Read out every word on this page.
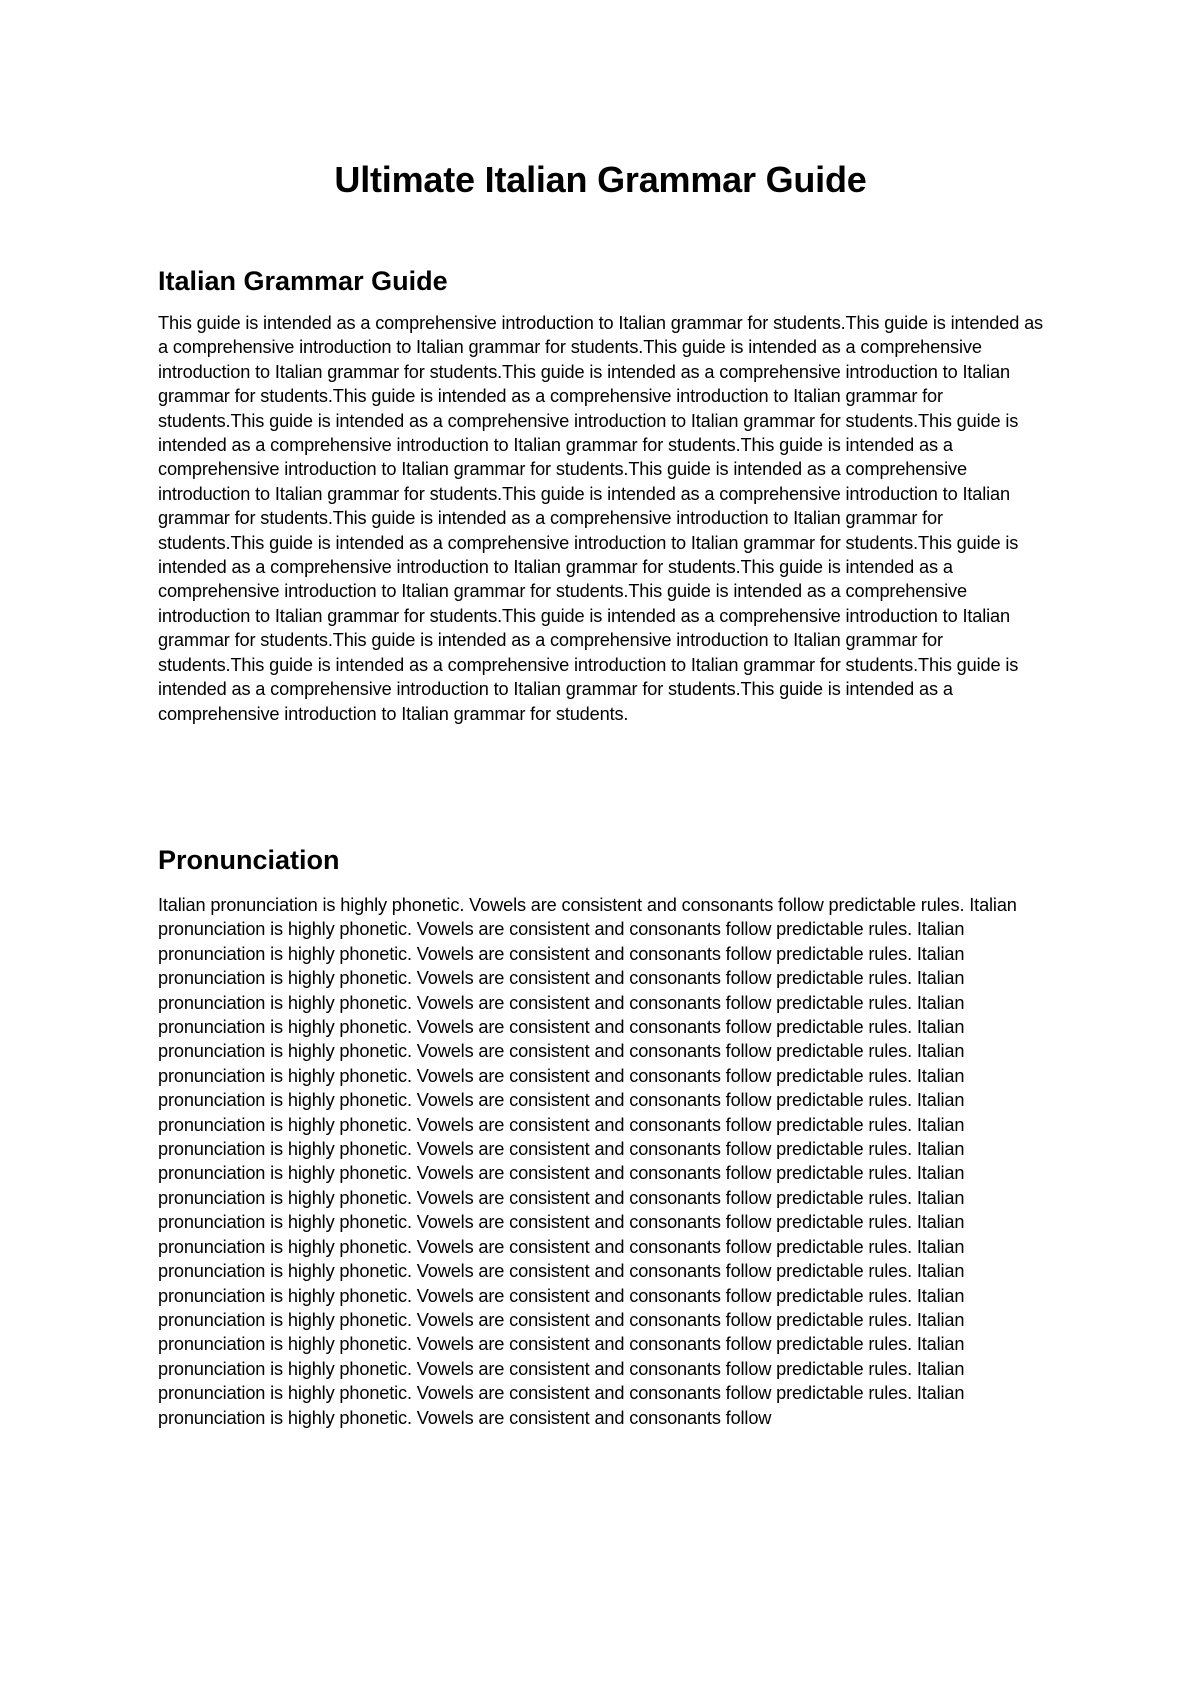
Ultimate Italian Grammar Guide
Italian Grammar Guide

This guide is intended as a comprehensive introduction to Italian grammar for students.This guide is intended as a comprehensive introduction to Italian grammar for students.This guide is intended as a comprehensive introduction to Italian grammar for students.This guide is intended as a comprehensive introduction to Italian grammar for students.This guide is intended as a comprehensive introduction to Italian grammar for students.This guide is intended as a comprehensive introduction to Italian grammar for students.This guide is intended as a comprehensive introduction to Italian grammar for students.This guide is intended as a comprehensive introduction to Italian grammar for students.This guide is intended as a comprehensive introduction to Italian grammar for students.This guide is intended as a comprehensive introduction to Italian grammar for students.This guide is intended as a comprehensive introduction to Italian grammar for students.This guide is intended as a comprehensive introduction to Italian grammar for students.This guide is intended as a comprehensive introduction to Italian grammar for students.This guide is intended as a comprehensive introduction to Italian grammar for students.This guide is intended as a comprehensive introduction to Italian grammar for students.This guide is intended as a comprehensive introduction to Italian grammar for students.This guide is intended as a comprehensive introduction to Italian grammar for students.This guide is intended as a comprehensive introduction to Italian grammar for students.This guide is intended as a comprehensive introduction to Italian grammar for students.This guide is intended as a comprehensive introduction to Italian grammar for students.

Pronunciation

Italian pronunciation is highly phonetic. Vowels are consistent and consonants follow predictable rules. Italian pronunciation is highly phonetic. Vowels are consistent and consonants follow predictable rules. Italian pronunciation is highly phonetic. Vowels are consistent and consonants follow predictable rules. Italian pronunciation is highly phonetic. Vowels are consistent and consonants follow predictable rules. Italian pronunciation is highly phonetic. Vowels are consistent and consonants follow predictable rules. Italian pronunciation is highly phonetic. Vowels are consistent and consonants follow predictable rules. Italian pronunciation is highly phonetic. Vowels are consistent and consonants follow predictable rules. Italian pronunciation is highly phonetic. Vowels are consistent and consonants follow predictable rules. Italian pronunciation is highly phonetic. Vowels are consistent and consonants follow predictable rules. Italian pronunciation is highly phonetic. Vowels are consistent and consonants follow predictable rules. Italian pronunciation is highly phonetic. Vowels are consistent and consonants follow predictable rules. Italian pronunciation is highly phonetic. Vowels are consistent and consonants follow predictable rules. Italian pronunciation is highly phonetic. Vowels are consistent and consonants follow predictable rules. Italian pronunciation is highly phonetic. Vowels are consistent and consonants follow predictable rules. Italian pronunciation is highly phonetic. Vowels are consistent and consonants follow predictable rules. Italian pronunciation is highly phonetic. Vowels are consistent and consonants follow predictable rules. Italian pronunciation is highly phonetic. Vowels are consistent and consonants follow predictable rules. Italian pronunciation is highly phonetic. Vowels are consistent and consonants follow predictable rules. Italian pronunciation is highly phonetic. Vowels are consistent and consonants follow predictable rules. Italian pronunciation is highly phonetic. Vowels are consistent and consonants follow predictable rules. Italian pronunciation is highly phonetic. Vowels are consistent and consonants follow predictable rules. Italian pronunciation is highly phonetic. Vowels are consistent and consonants follow
